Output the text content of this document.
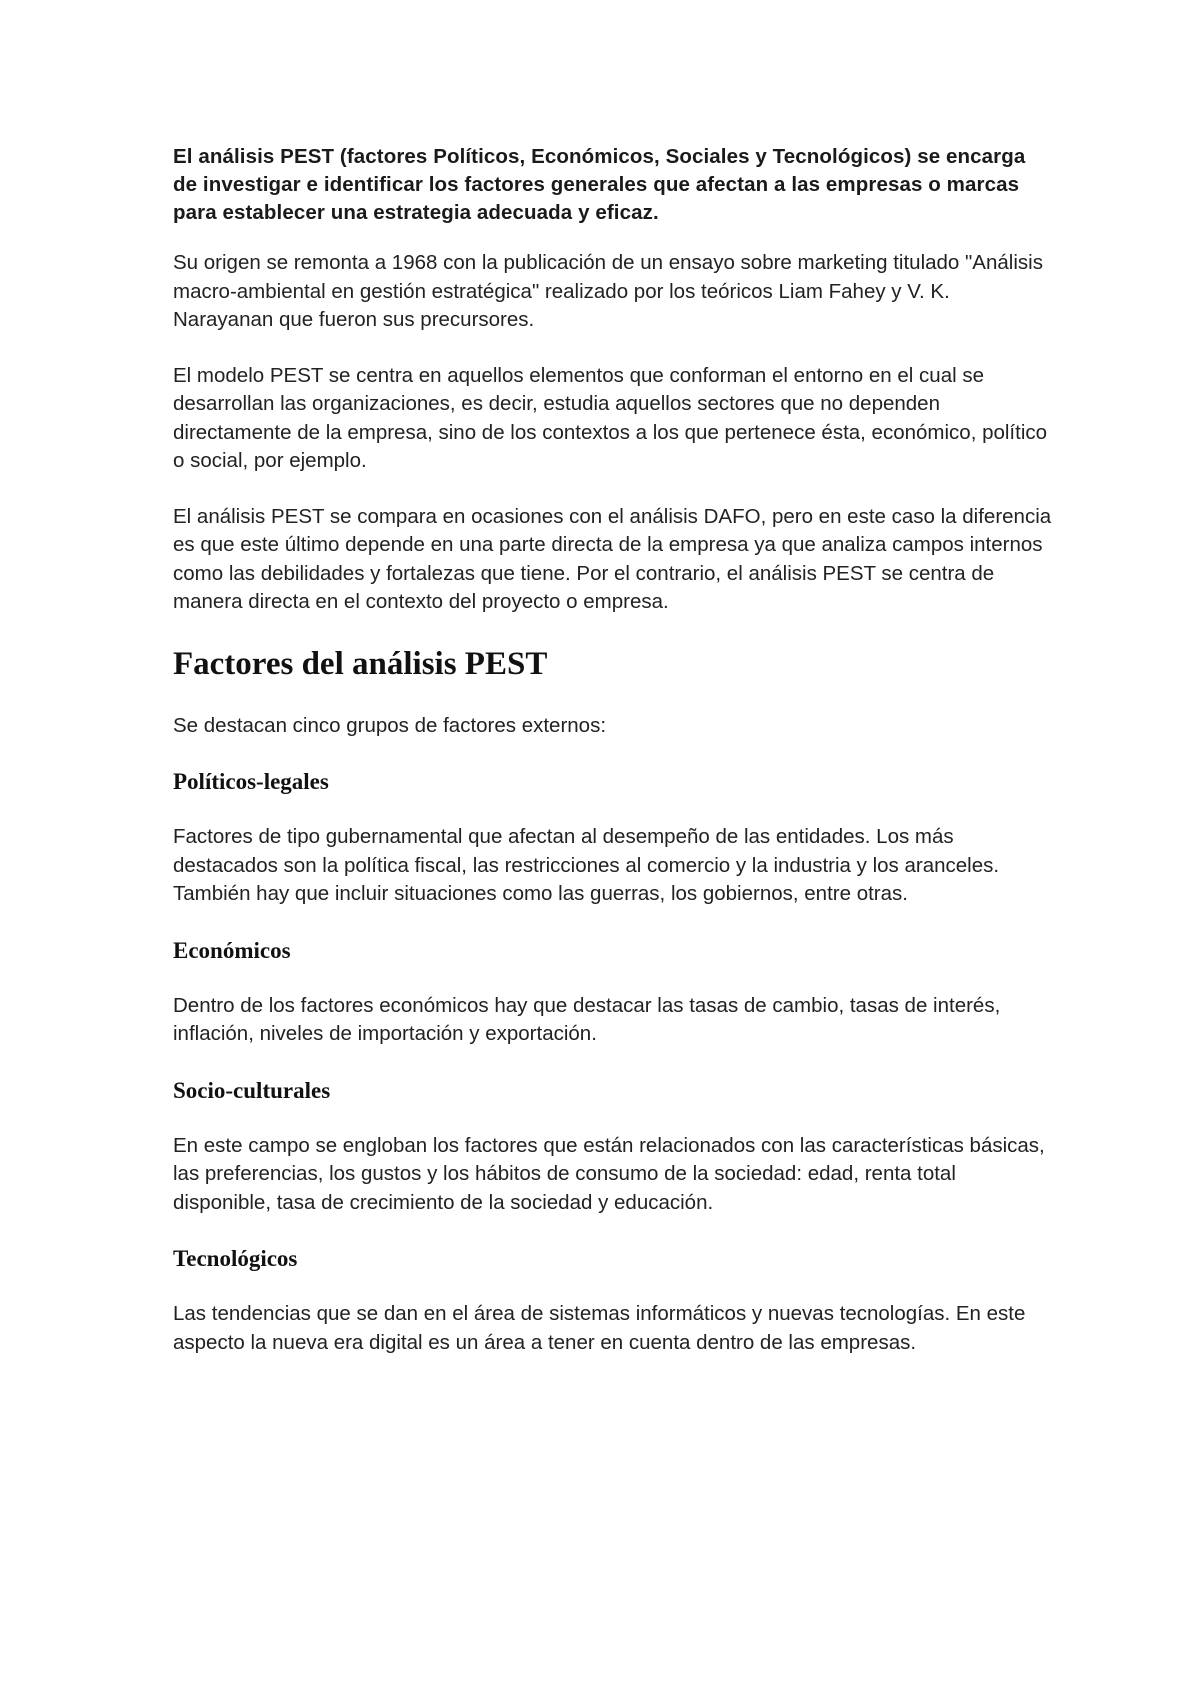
El análisis PEST (factores Políticos, Económicos, Sociales y Tecnológicos) se encarga de investigar e identificar los factores generales que afectan a las empresas o marcas para establecer una estrategia adecuada y eficaz.

Su origen se remonta a 1968 con la publicación de un ensayo sobre marketing titulado "Análisis macro-ambiental en gestión estratégica" realizado por los teóricos Liam Fahey y V. K. Narayanan que fueron sus precursores.

El modelo PEST se centra en aquellos elementos que conforman el entorno en el cual se desarrollan las organizaciones, es decir, estudia aquellos sectores que no dependen directamente de la empresa, sino de los contextos a los que pertenece ésta, económico, político o social, por ejemplo.

El análisis PEST se compara en ocasiones con el análisis DAFO, pero en este caso la diferencia es que este último depende en una parte directa de la empresa ya que analiza campos internos como las debilidades y fortalezas que tiene. Por el contrario, el análisis PEST se centra de manera directa en el contexto del proyecto o empresa.

Factores del análisis PEST

Se destacan cinco grupos de factores externos:

Políticos-legales

Factores de tipo gubernamental que afectan al desempeño de las entidades. Los más destacados son la política fiscal, las restricciones al comercio y la industria y los aranceles. También hay que incluir situaciones como las guerras, los gobiernos, entre otras.

Económicos

Dentro de los factores económicos hay que destacar las tasas de cambio, tasas de interés, inflación, niveles de importación y exportación.

Socio-culturales

En este campo se engloban los factores que están relacionados con las características básicas, las preferencias, los gustos y los hábitos de consumo de la sociedad: edad, renta total disponible, tasa de crecimiento de la sociedad y educación.

Tecnológicos

Las tendencias que se dan en el área de sistemas informáticos y nuevas tecnologías. En este aspecto la nueva era digital es un área a tener en cuenta dentro de las empresas.
